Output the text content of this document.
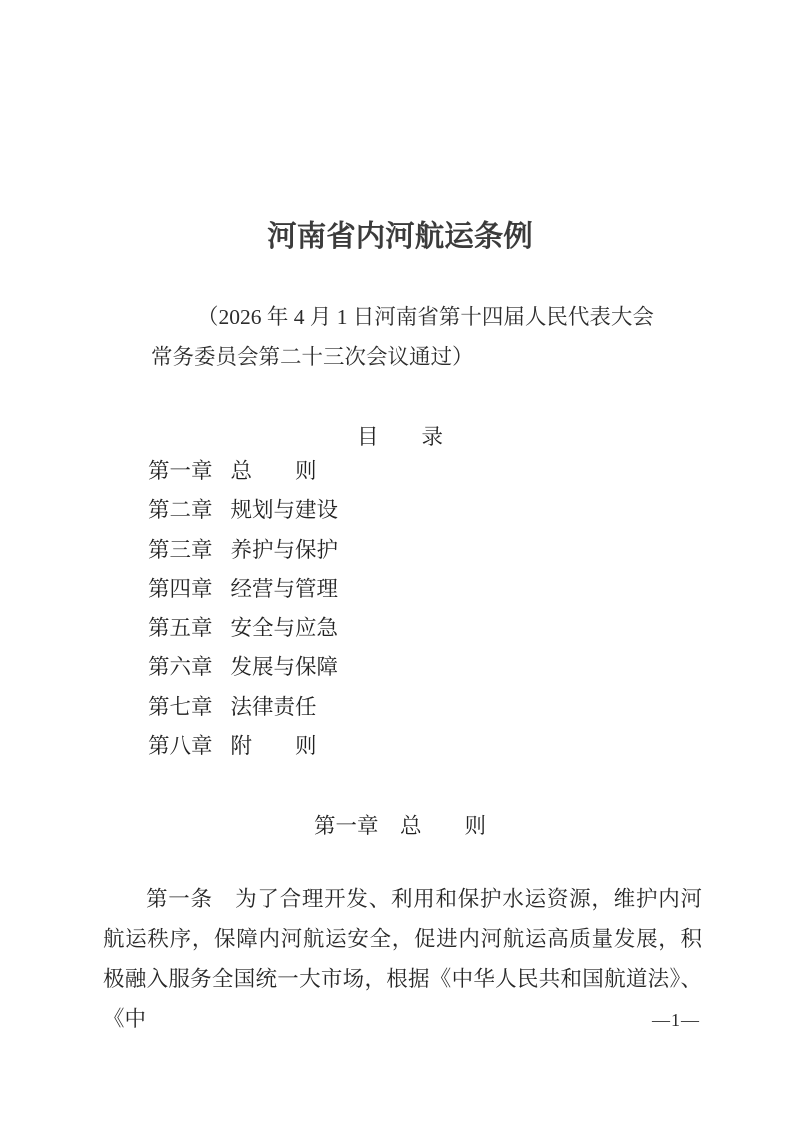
河南省内河航运条例

（2026 年 4 月 1 日河南省第十四届人民代表大会常务委员会第二十三次会议通过）

目　　录
第一章 总　　则
第二章 规划与建设
第三章 养护与保护
第四章 经营与管理
第五章 安全与应急
第六章 发展与保障
第七章 法律责任
第八章 附　　则
第一章　总　　则

第一条　为了合理开发、利用和保护水运资源，维护内河航运秩序，保障内河航运安全，促进内河航运高质量发展，积极融入服务全国统一大市场，根据《中华人民共和国航道法》、《中	—1—
